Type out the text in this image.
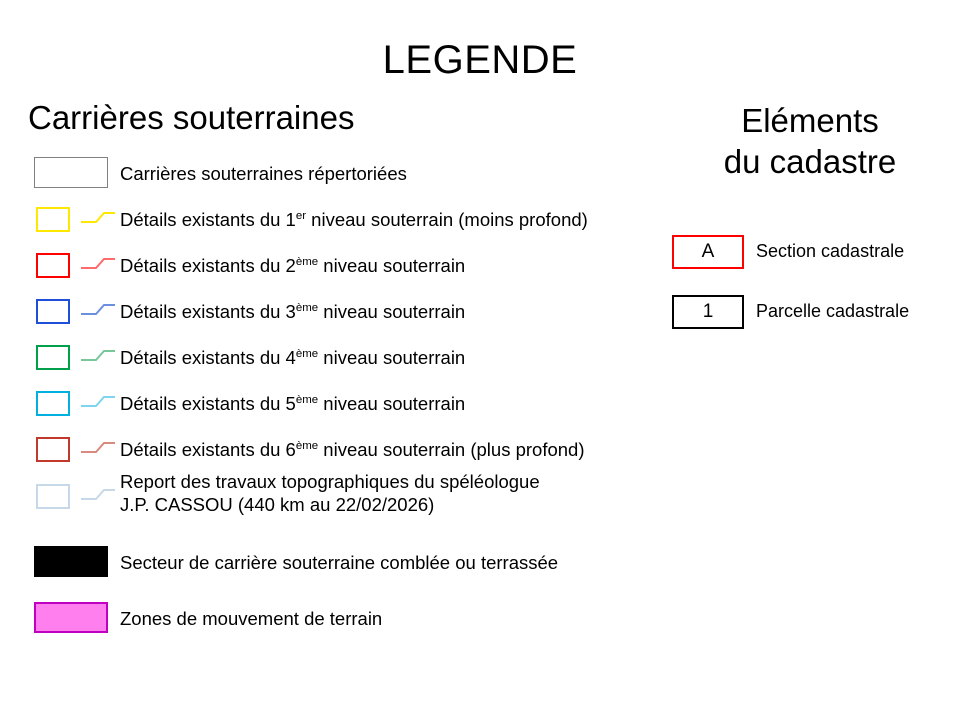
LEGENDE
Carrières souterraines
Carrières souterraines répertoriées
Détails existants du 1er niveau souterrain (moins profond)
Détails existants du 2ème niveau souterrain
Détails existants du 3ème niveau souterrain
Détails existants du 4ème niveau souterrain
Détails existants du 5ème niveau souterrain
Détails existants du 6ème niveau souterrain (plus profond)
Report des travaux topographiques du spéléologue
J.P. CASSOU (440 km au 22/02/2026)
Secteur de carrière souterraine comblée ou terrassée
Zones de mouvement de terrain
Eléments
du cadastre
A	Section cadastrale
1	Parcelle cadastrale
